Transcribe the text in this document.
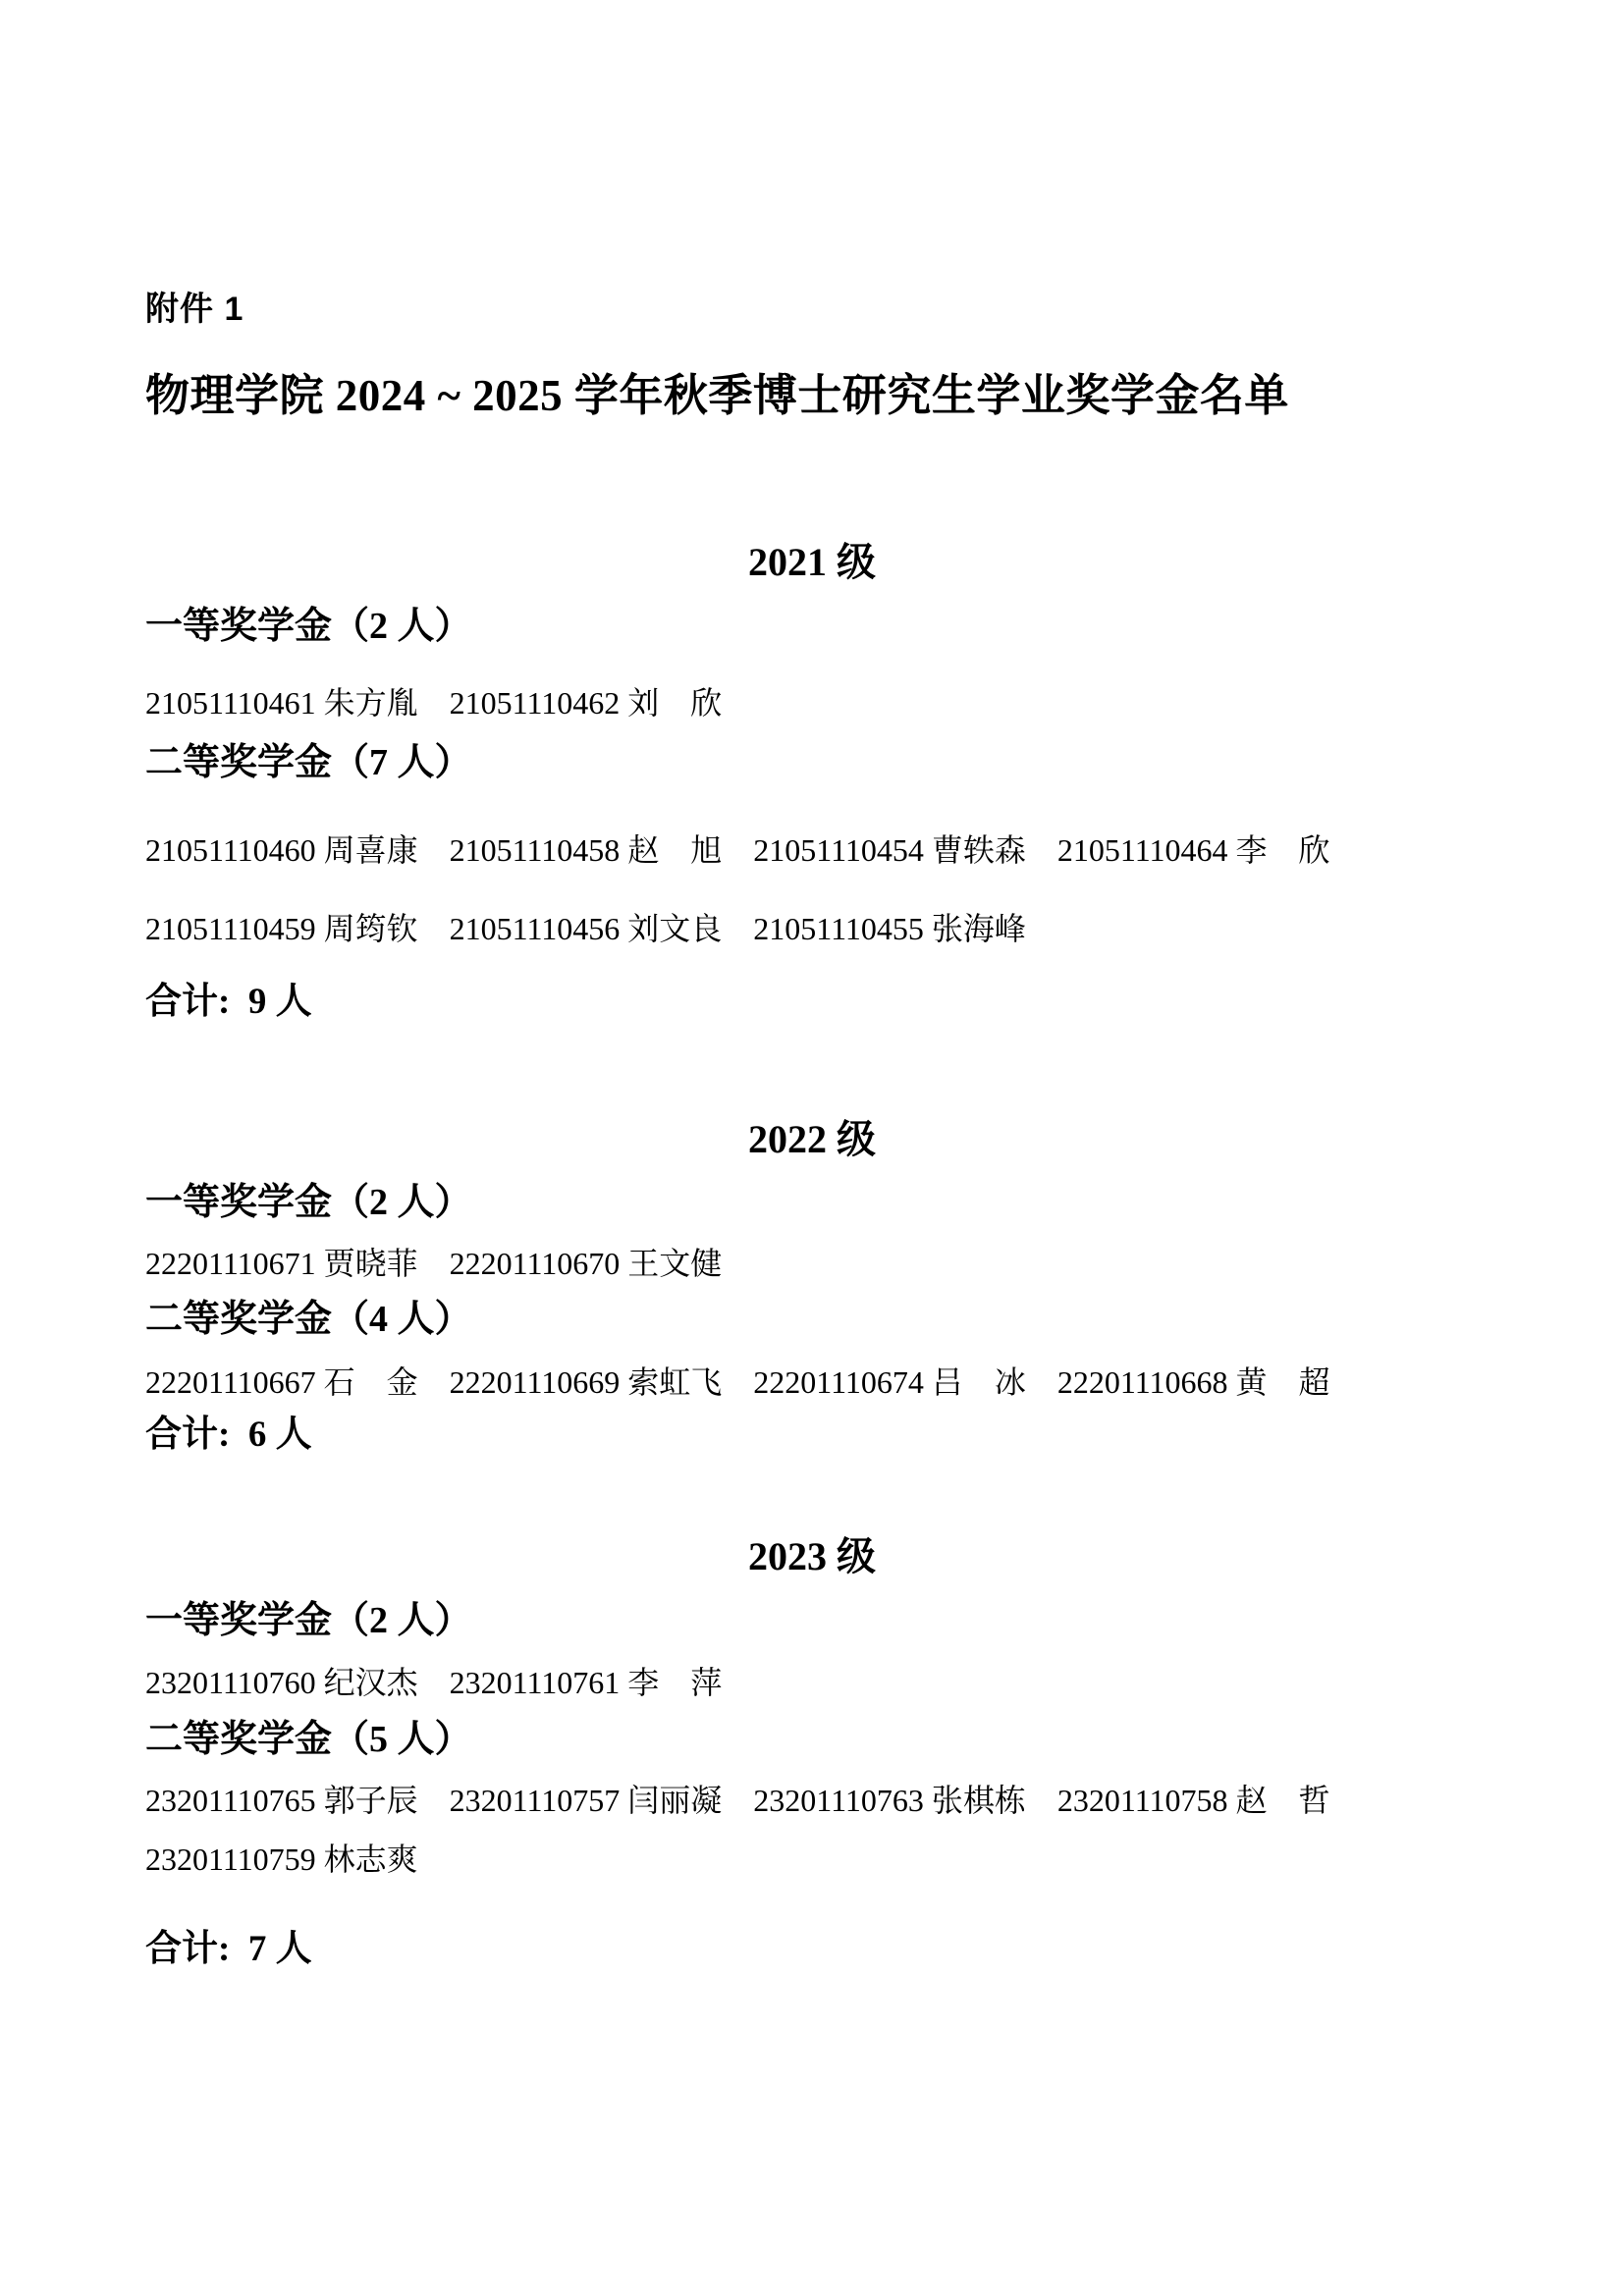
附件 1
物理学院 2024 ~ 2025 学年秋季博士研究生学业奖学金名单
2021 级
一等奖学金（2 人）
21051110461 朱方胤　21051110462 刘　欣
二等奖学金（7 人）
21051110460 周喜康　21051110458 赵　旭　21051110454 曹轶森　21051110464 李　欣
21051110459 周筠钦　21051110456 刘文良　21051110455 张海峰
合计:  9 人
2022 级
一等奖学金（2 人）
22201110671 贾晓菲　22201110670 王文健
二等奖学金（4 人）
22201110667 石　金　22201110669 索虹飞　22201110674 吕　冰　22201110668 黄　超
合计:  6 人
2023 级
一等奖学金（2 人）
23201110760 纪汉杰　23201110761 李　萍
二等奖学金（5 人）
23201110765 郭子辰　23201110757 闫丽凝　23201110763 张棋栋　23201110758 赵　哲
23201110759 林志爽
合计:  7 人
